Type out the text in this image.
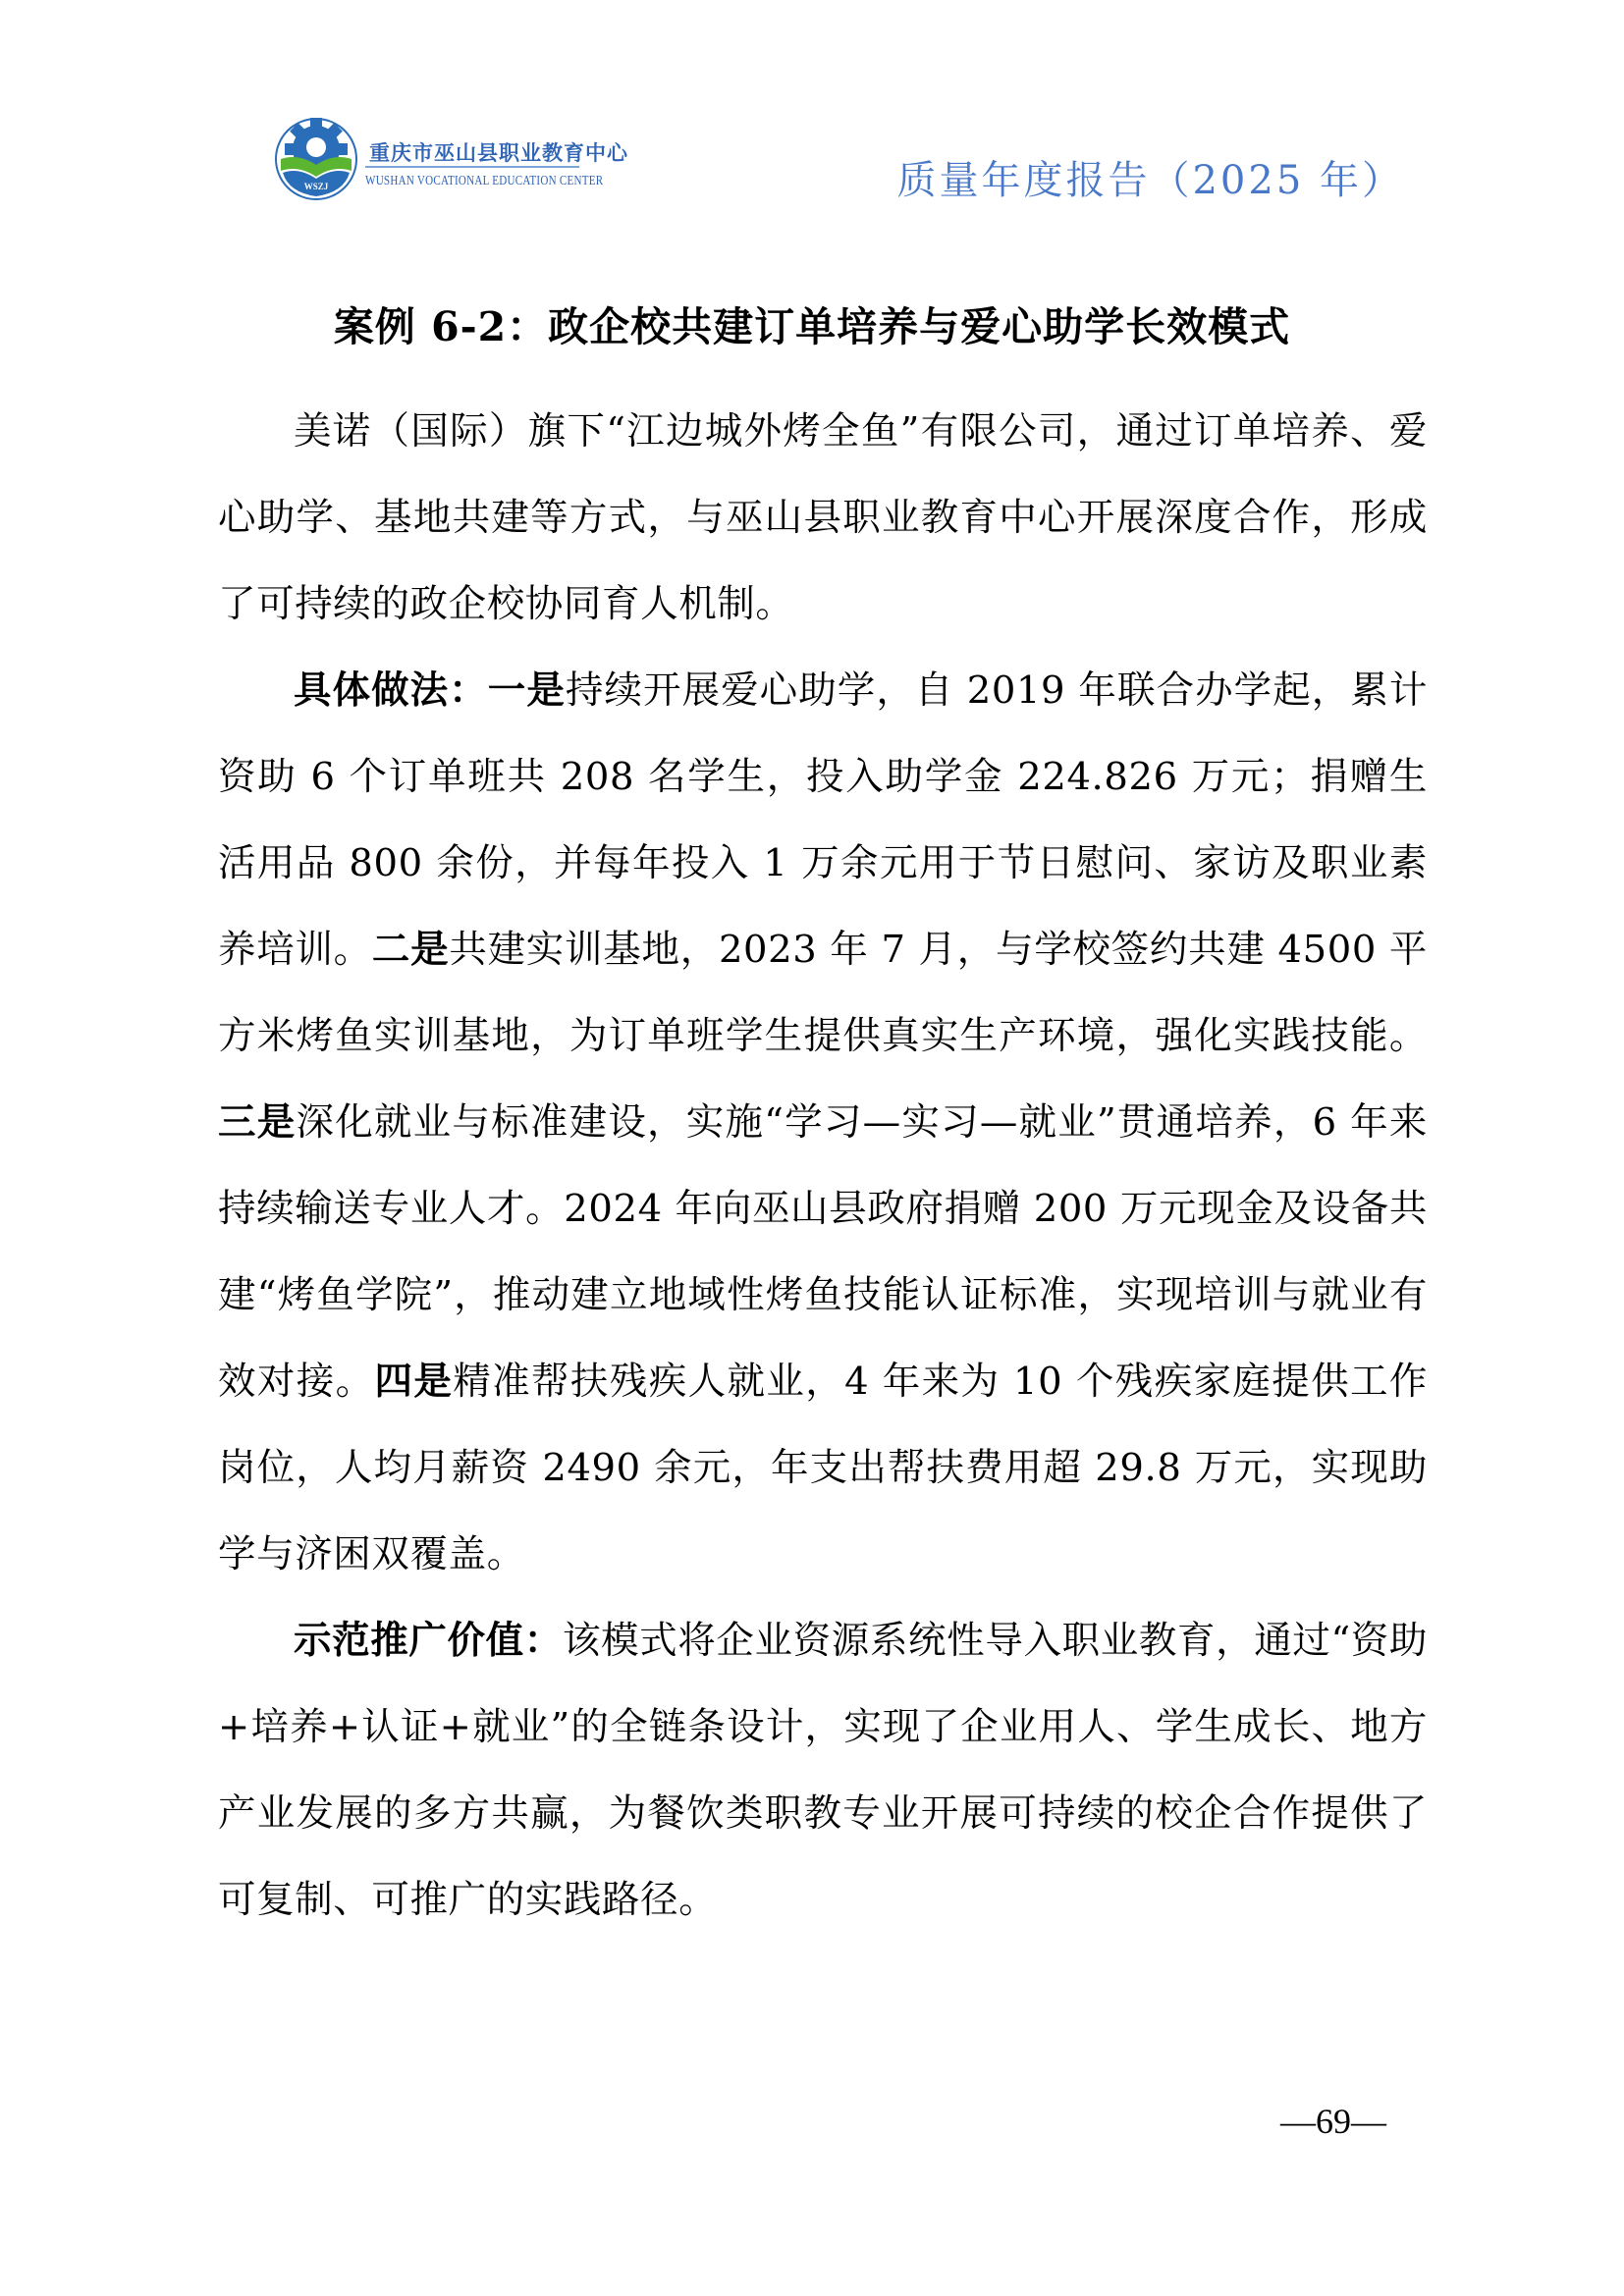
WSZJ
重庆市巫山县职业教育中心
WUSHAN VOCATIONAL EDUCATION CENTER	质量年度报告（2025 年）
案例 6-2：政企校共建订单培养与爱心助学长效模式

美诺（国际）旗下“江边城外烤全鱼”有限公司，通过订单培养、爱心助学、基地共建等方式，与巫山县职业教育中心开展深度合作，形成了可持续的政企校协同育人机制。

具体做法：一是持续开展爱心助学，自 2019 年联合办学起，累计资助 6 个订单班共 208 名学生，投入助学金 224.826 万元；捐赠生活用品 800 余份，并每年投入 1 万余元用于节日慰问、家访及职业素养培训。二是共建实训基地，2023 年 7 月，与学校签约共建 4500 平方米烤鱼实训基地，为订单班学生提供真实生产环境，强化实践技能。三是深化就业与标准建设，实施“学习—实习—就业”贯通培养，6 年来持续输送专业人才。2024 年向巫山县政府捐赠 200 万元现金及设备共建“烤鱼学院”，推动建立地域性烤鱼技能认证标准，实现培训与就业有效对接。四是精准帮扶残疾人就业，4 年来为 10 个残疾家庭提供工作岗位，人均月薪资 2490 余元，年支出帮扶费用超 29.8 万元，实现助学与济困双覆盖。

示范推广价值：该模式将企业资源系统性导入职业教育，通过“资助+培养+认证+就业”的全链条设计，实现了企业用人、学生成长、地方产业发展的多方共赢，为餐饮类职教专业开展可持续的校企合作提供了可复制、可推广的实践路径。

—69—
